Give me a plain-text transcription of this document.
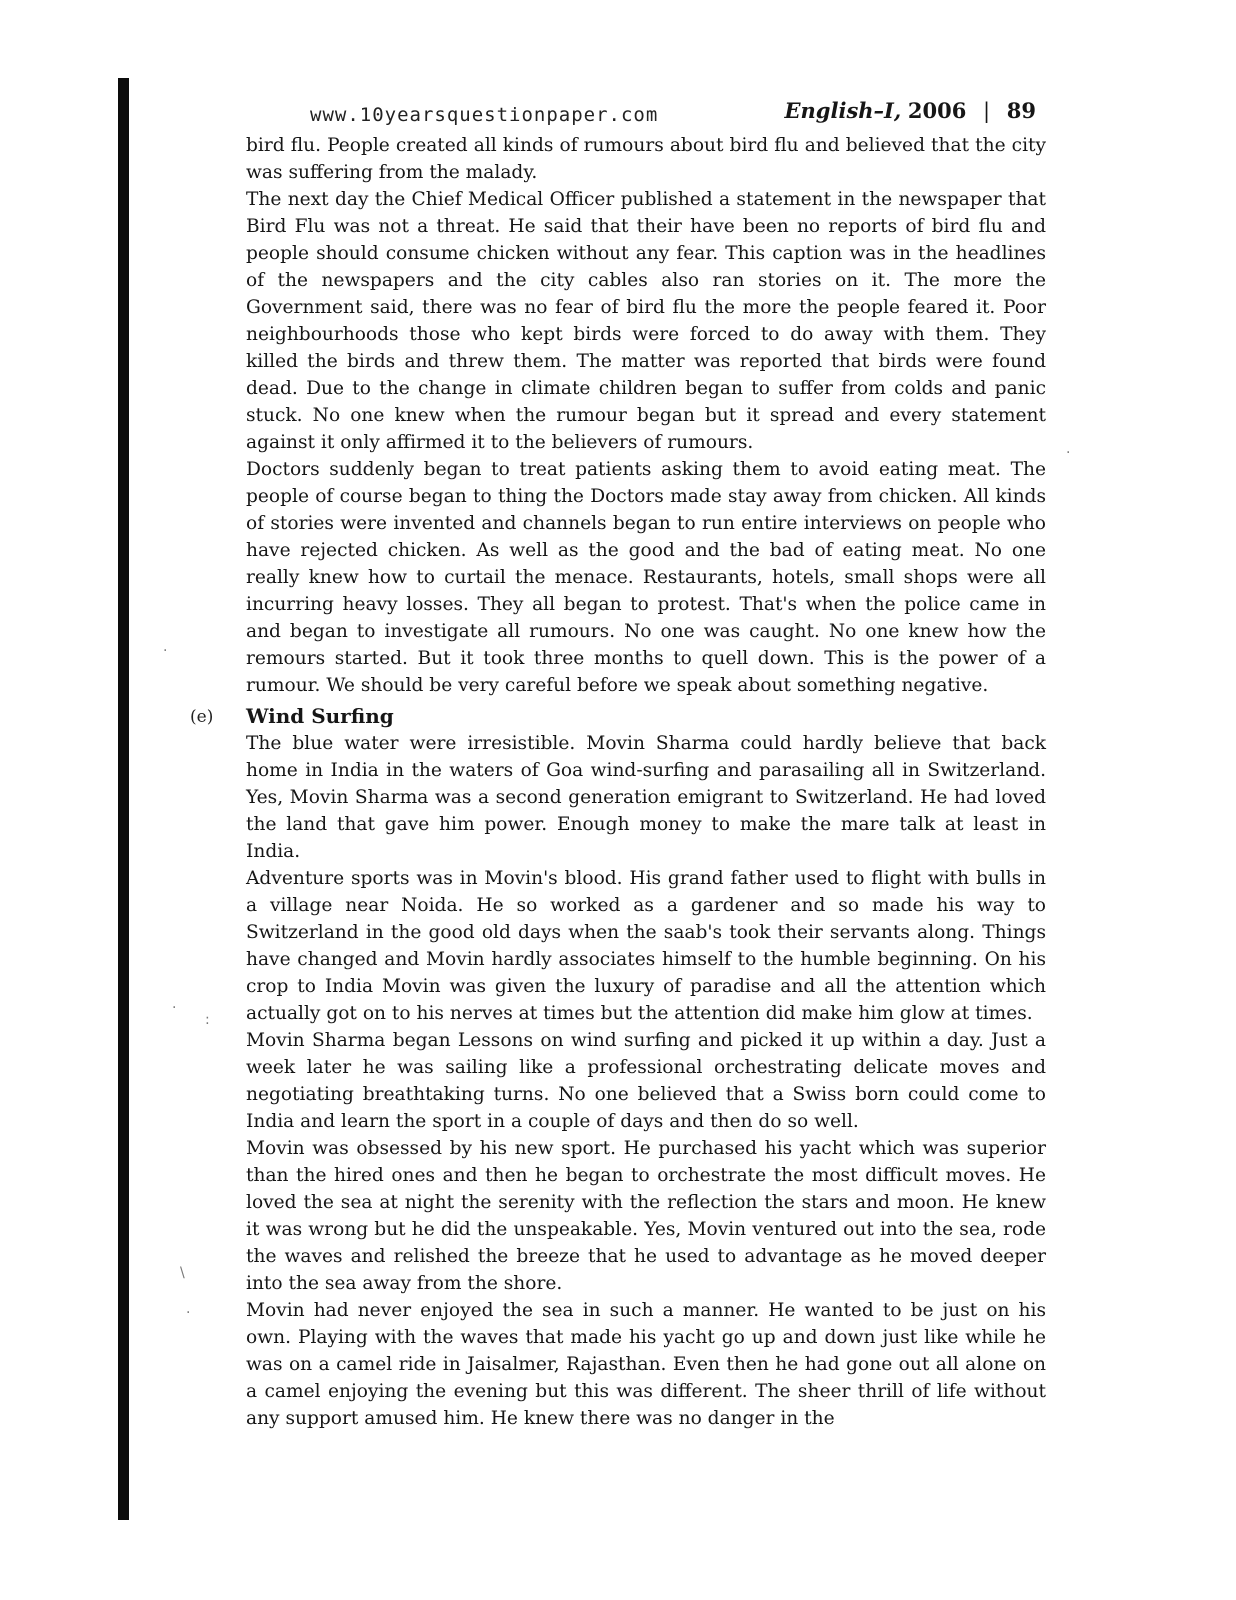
·
·
:
\
·
·
www.10yearsquestionpaper.com	English–I, 2006 | 89

bird flu. People created all kinds of rumours about bird flu and believed that the city was suffering from the malady.

The next day the Chief Medical Officer published a statement in the newspaper that Bird Flu was not a threat. He said that their have been no reports of bird flu and people should consume chicken without any fear. This caption was in the headlines of the newspapers and the city cables also ran stories on it. The more the Government said, there was no fear of bird flu the more the people feared it. Poor neighbourhoods those who kept birds were forced to do away with them. They killed the birds and threw them. The matter was reported that birds were found dead. Due to the change in climate children began to suffer from colds and panic stuck. No one knew when the rumour began but it spread and every statement against it only affirmed it to the believers of rumours.

Doctors suddenly began to treat patients asking them to avoid eating meat. The people of course began to thing the Doctors made stay away from chicken. All kinds of stories were invented and channels began to run entire interviews on people who have rejected chicken. As well as the good and the bad of eating meat. No one really knew how to curtail the menace. Restaurants, hotels, small shops were all incurring heavy losses. They all began to protest. That's when the police came in and began to investigate all rumours. No one was caught. No one knew how the remours started. But it took three months to quell down. This is the power of a rumour. We should be very careful before we speak about something negative.

(e) Wind Surfing

The blue water were irresistible. Movin Sharma could hardly believe that back home in India in the waters of Goa wind-surfing and parasailing all in Switzerland. Yes, Movin Sharma was a second generation emigrant to Switzerland. He had loved the land that gave him power. Enough money to make the mare talk at least in India.

Adventure sports was in Movin's blood. His grand father used to flight with bulls in a village near Noida. He so worked as a gardener and so made his way to Switzerland in the good old days when the saab's took their servants along. Things have changed and Movin hardly associates himself to the humble beginning. On his crop to India Movin was given the luxury of paradise and all the attention which actually got on to his nerves at times but the attention did make him glow at times.

Movin Sharma began Lessons on wind surfing and picked it up within a day. Just a week later he was sailing like a professional orchestrating delicate moves and negotiating breathtaking turns. No one believed that a Swiss born could come to India and learn the sport in a couple of days and then do so well.

Movin was obsessed by his new sport. He purchased his yacht which was superior than the hired ones and then he began to orchestrate the most difficult moves. He loved the sea at night the serenity with the reflection the stars and moon. He knew it was wrong but he did the unspeakable. Yes, Movin ventured out into the sea, rode the waves and relished the breeze that he used to advantage as he moved deeper into the sea away from the shore.

Movin had never enjoyed the sea in such a manner. He wanted to be just on his own. Playing with the waves that made his yacht go up and down just like while he was on a camel ride in Jaisalmer, Rajasthan. Even then he had gone out all alone on a camel enjoying the evening but this was different. The sheer thrill of life without any support amused him. He knew there was no danger in the
